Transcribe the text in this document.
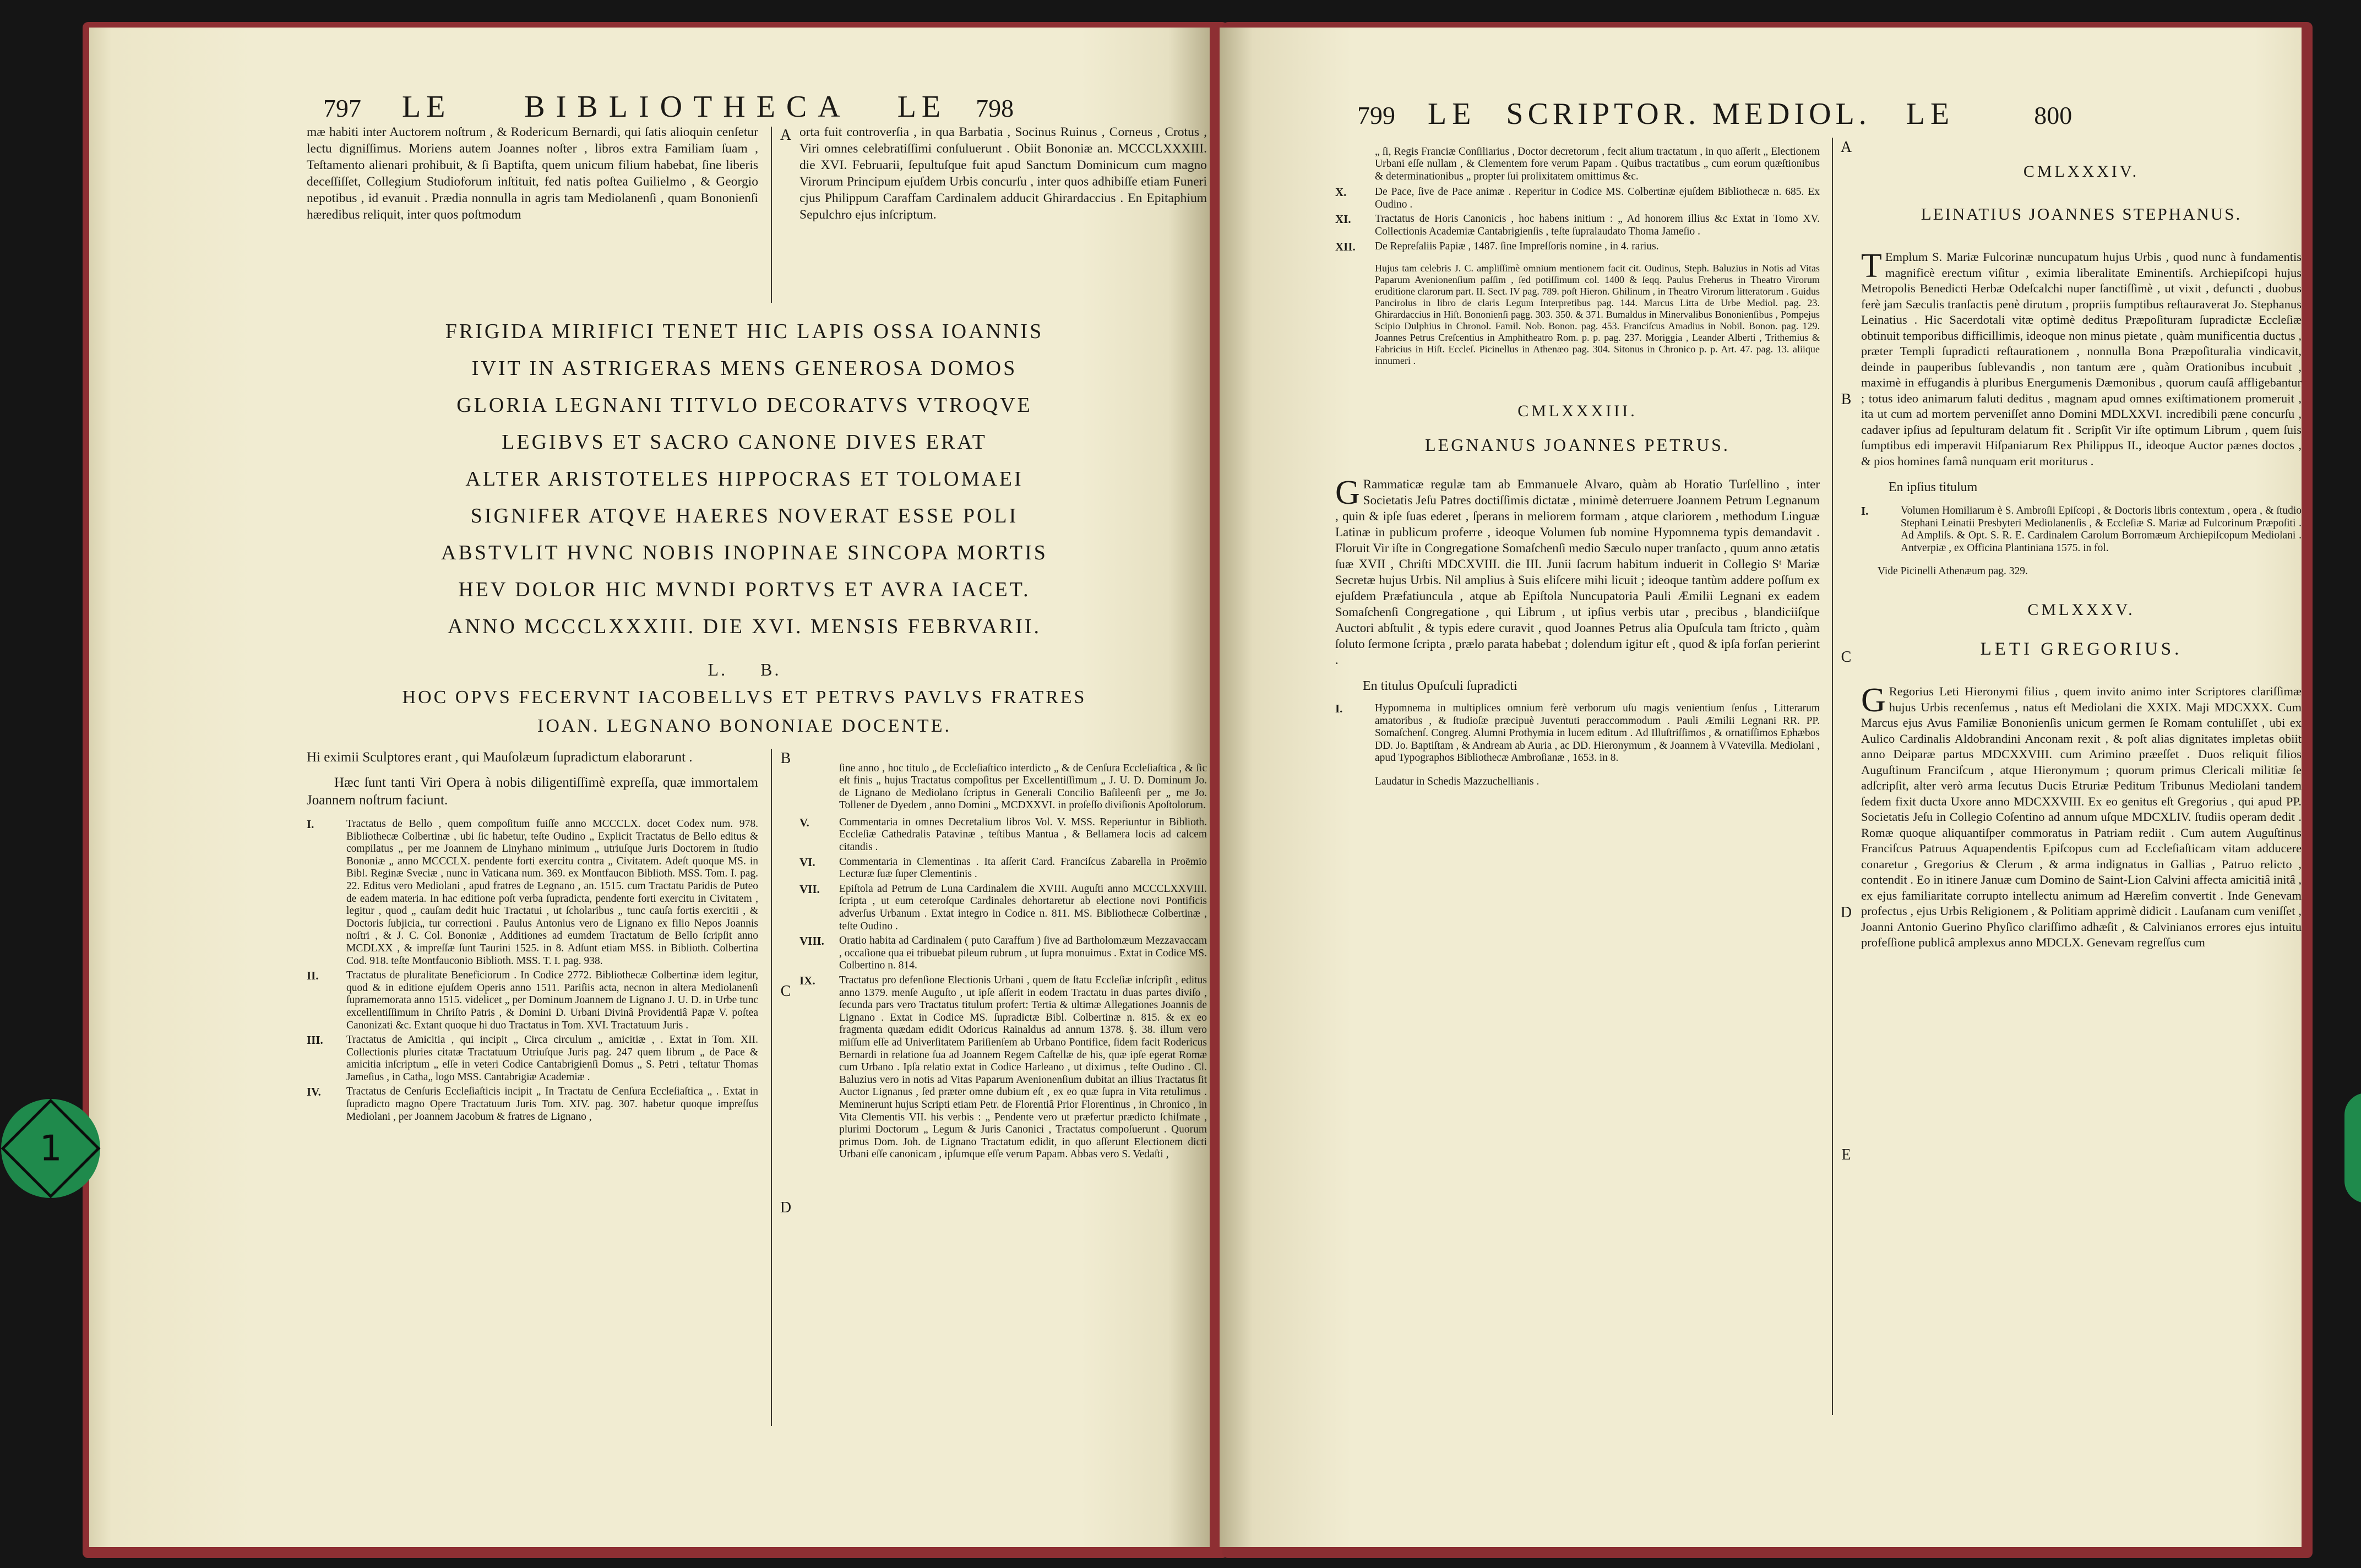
797 LE BIBLIOTHECA LE 798

mæ habiti inter Auctorem noſtrum , & Rodericum Bernardi, qui ſatis alioquin cenſetur lectu digniſſimus. Moriens autem Joannes noſter , libros extra Familiam ſuam , Teſtamento alienari prohibuit, & ſi Baptiſta, quem unicum filium habebat, ſine liberis deceſſiſſet, Collegium Studioforum inſtituit, fed natis poſtea Guilielmo , & Georgio nepotibus , id evanuit . Prædia nonnulla in agris tam Mediolanenſi , quam Bononienſi hæredibus reliquit, inter quos poſtmodum

A orta fuit controverſia , in qua Barbatia , Socinus Ruinus , Corneus , Crotus , Viri omnes celebratiſſimi conſuluerunt . Obiit Bononiæ an. MCCCLXXXIII. die XVI. Februarii, ſepultuſque fuit apud Sanctum Dominicum cum magno Virorum Principum ejuſdem Urbis concurſu , inter quos adhibiſſe etiam Funeri cjus Philippum Caraffam Cardinalem adducit Ghirardaccius . En Epitaphium Sepulchro ejus inſcriptum.

FRIGIDA MIRIFICI TENET HIC LAPIS OSSA IOANNIS
IVIT IN ASTRIGERAS MENS GENEROSA DOMOS
GLORIA LEGNANI TITVLO DECORATVS VTROQVE
LEGIBVS ET SACRO CANONE DIVES ERAT
ALTER ARISTOTELES HIPPOCRAS ET TOLOMAEI
SIGNIFER ATQVE HAERES NOVERAT ESSE POLI
ABSTVLIT HVNC NOBIS INOPINAE SINCOPA MORTIS
HEV DOLOR HIC MVNDI PORTVS ET AVRA IACET.
ANNO MCCCLXXXIII. DIE XVI. MENSIS FEBRVARII.
L.     B.
HOC OPVS FECERVNT IACOBELLVS ET PETRVS PAVLVS FRATRES
IOAN. LEGNANO BONONIAE DOCENTE.

Hi eximii Sculptores erant , qui Mauſolæum ſupradictum elaborarunt .

Hæc ſunt tanti Viri Opera à nobis diligentiſſimè expreſſa, quæ immortalem Joannem noſtrum faciunt.

I.	Tractatus de Bello , quem compoſitum fuiſſe anno MCCCLX. docet Codex num. 978. Bibliothecæ Colbertinæ , ubi ſic habetur, teſte Oudino „ Explicit Tractatus de Bello editus & compilatus „ per me Joannem de Linyhano minimum „ utriuſque Juris Doctorem in ſtudio Bononiæ „ anno MCCCLX. pendente forti exercitu contra „ Civitatem. Adeſt quoque MS. in Bibl. Reginæ Sveciæ , nunc in Vaticana num. 369. ex Montfaucon Biblioth. MSS. Tom. I. pag. 22. Editus vero Mediolani , apud fratres de Legnano , an. 1515. cum Tractatu Paridis de Puteo de eadem materia. In hac editione poſt verba ſupradicta, pendente forti exercitu in Civitatem , legitur , quod „ cauſam dedit huic Tractatui , ut ſcholaribus „ tunc cauſa fortis exercitii , & Doctoris ſubjicia„ tur correctioni . Paulus Antonius vero de Lignano ex filio Nepos Joannis noſtri , & J. C. Col. Bononiæ , Additiones ad eumdem Tractatum de Bello ſcripſit anno MCDLXX , & impreſſæ ſunt Taurini 1525. in 8. Adſunt etiam MSS. in Biblioth. Colbertina Cod. 918. teſte Montfauconio Biblioth. MSS. T. I. pag. 938.
II.	Tractatus de pluralitate Beneficiorum . In Codice 2772. Bibliothecæ Colbertinæ idem legitur, quod & in editione ejuſdem Operis anno 1511. Pariſiis acta, necnon in altera Mediolanenſi ſupramemorata anno 1515. videlicet „ per Dominum Joannem de Lignano J. U. D. in Urbe tunc excellentiſſimum in Chriſto Patris , & Domini D. Urbani Divinâ Providentiâ Papæ V. poſtea Canonizati &c. Extant quoque hi duo Tractatus in Tom. XVI. Tractatuum Juris .
III.	Tractatus de Amicitia , qui incipit „ Circa circulum „ amicitiæ , . Extat in Tom. XII. Collectionis pluries citatæ Tractatuum Utriuſque Juris pag. 247 quem librum „ de Pace & amicitia inſcriptum „ eſſe in veteri Codice Cantabrigienſi Domus „ S. Petri , teſtatur Thomas Jameſius , in Catha„ logo MSS. Cantabrigiæ Academiæ .
IV.	Tractatus de Cenſuris Eccleſiaſticis incipit „ In Tractatu de Cenſura Eccleſiaſtica „ . Extat in ſupradicto magno Opere Tractatuum Juris Tom. XIV. pag. 307. habetur quoque impreſſus Mediolani , per Joannem Jacobum & fratres de Lignano ,
B
C
D

ſine anno , hoc titulo „ de Eccleſiaſtico interdicto „ & de Cenſura Eccleſiaſtica , & ſic eſt finis „ hujus Tractatus compoſitus per Excellentiſſimum „ J. U. D. Dominum Jo. de Lignano de Mediolano ſcriptus in Generali Concilio Baſileenſi per „ me Jo. Tollener de Dyedem , anno Domini „ MCDXXVI. in proſeſſo diviſionis Apoſtolorum.

V.	Commentaria in omnes Decretalium libros Vol. V. MSS. Reperiuntur in Biblioth. Eccleſiæ Cathedralis Patavinæ , teſtibus Mantua , & Bellamera locis ad calcem citandis .
VI.	Commentaria in Clementinas . Ita aſſerit Card. Franciſcus Zabarella in Proëmio Lecturæ ſuæ ſuper Clementinis .
VII.	Epiſtola ad Petrum de Luna Cardinalem die XVIII. Auguſti anno MCCCLXXVIII. ſcripta , ut eum ceteroſque Cardinales dehortaretur ab electione novi Pontificis adverſus Urbanum . Extat integro in Codice n. 811. MS. Bibliothecæ Colbertinæ , teſte Oudino .
VIII.	Oratio habita ad Cardinalem ( puto Caraffum ) ſive ad Bartholomæum Mezzavaccam , occaſione qua ei tribuebat pileum rubrum , ut ſupra monuimus . Extat in Codice MS. Colbertino n. 814.
IX.	Tractatus pro defenſione Electionis Urbani , quem de ſtatu Eccleſiæ inſcripſit , editus anno 1379. menſe Auguſto , ut ipſe aſſerit in eodem Tractatu in duas partes diviſo , ſecunda pars vero Tractatus titulum profert: Tertia & ultimæ Allegationes Joannis de Lignano . Extat in Codice MS. ſupradictæ Bibl. Colbertinæ n. 815. & ex eo fragmenta quædam edidit Odoricus Rainaldus ad annum 1378. §. 38. illum vero miſſum eſſe ad Univerſitatem Pariſienſem ab Urbano Pontifice, ſidem facit Rodericus Bernardi in relatione ſua ad Joannem Regem Caſtellæ de his, quæ ipſe egerat Romæ cum Urbano . Ipſa relatio extat in Codice Harleano , ut diximus , teſte Oudino . Cl. Baluzius vero in notis ad Vitas Paparum Avenionenſium dubitat an illius Tractatus ſit Auctor Lignanus , ſed præter omne dubium eſt , ex eo quæ ſupra in Vita retulimus . Meminerunt hujus Scripti etiam Petr. de Florentiâ Prior Florentinus , in Chronico , in Vita Clementis VII. his verbis : „ Pendente vero ut præfertur prædicto ſchiſmate , plurimi Doctorum „ Legum & Juris Canonici , Tractatus compoſuerunt . Quorum primus Dom. Joh. de Lignano Tractatum edidit, in quo aſſerunt Electionem dicti Urbani eſſe canonicam , ipſumque eſſe verum Papam. Abbas vero S. Vedaſti ,
799 LE SCRIPTOR. MEDIOL. LE	800

„ ſi, Regis Franciæ Conſiliarius , Doctor decretorum , fecit alium tractatum , in quo aſſerit „ Electionem Urbani eſſe nullam , & Clementem fore verum Papam . Quibus tractatibus „ cum eorum quæſtionibus & determinationibus „ propter ſui prolixitatem omittimus &c.

X.	De Pace, ſive de Pace animæ . Reperitur in Codice MS. Colbertinæ ejuſdem Bibliothecæ n. 685. Ex Oudino .
XI.	Tractatus de Horis Canonicis , hoc habens initium : „ Ad honorem illius &c Extat in Tomo XV. Collectionis Academiæ Cantabrigienſis , teſte ſupralaudato Thoma Jameſio .
XII.	De Repreſaliis Papiæ , 1487. ſine Impreſſoris nomine , in 4. rarius.

Hujus tam celebris J. C. ampliſſimè omnium mentionem facit cit. Oudinus, Steph. Baluzius in Notis ad Vitas Paparum Avenionenſium paſſim , ſed potiſſimum col. 1400 & ſeqq. Paulus Freherus in Theatro Virorum eruditione clarorum part. II. Sect. IV pag. 789. poſt Hieron. Ghilinum , in Theatro Virorum litteratorum . Guidus Pancirolus in libro de claris Legum Interpretibus pag. 144. Marcus Litta de Urbe Mediol. pag. 23. Ghirardaccius in Hiſt. Bononienſi pagg. 303. 350. & 371. Bumaldus in Minervalibus Bononienſibus , Pompejus Scipio Dulphius in Chronol. Famil. Nob. Bonon. pag. 453. Franciſcus Amadius in Nobil. Bonon. pag. 129. Joannes Petrus Creſcentius in Amphitheatro Rom. p. p. pag. 237. Moriggia , Leander Alberti , Trithemius & Fabricius in Hiſt. Eccleſ. Picinellus in Athenæo pag. 304. Sitonus in Chronico p. p. Art. 47. pag. 13. aliique innumeri .

CMLXXXIII.
LEGNANUS JOANNES PETRUS.
G Rammaticæ regulæ tam ab Emmanuele Alvaro, quàm ab Horatio Turſellino , inter Societatis Jeſu Patres doctiſſimis dictatæ , minimè deterruere Joannem Petrum Legnanum , quin & ipſe ſuas ederet , ſperans in meliorem formam , atque clariorem , methodum Linguæ Latinæ in publicum proferre , ideoque Volumen ſub nomine Hypomnema typis demandavit . Floruit Vir iſte in Congregatione Somaſchenſi medio Sæculo nuper tranſacto , quum anno ætatis ſuæ XVII , Chriſti MDCXVIII. die III. Junii ſacrum habitum induerit in Collegio Sᵗ Mariæ Secretæ hujus Urbis. Nil amplius à Suis eliſcere mihi licuit ; ideoque tantùm addere poſſum ex ejuſdem Præfatiuncula , atque ab Epiſtola Nuncupatoria Pauli Æmilii Legnani ex eadem Somaſchenſi Congregatione , qui Librum , ut ipſius verbis utar , precibus , blandiciiſque Auctori abſtulit , & typis edere curavit , quod Joannes Petrus alia Opuſcula tam ſtricto , quàm ſoluto ſermone ſcripta , prælo parata habebat ; dolendum igitur eſt , quod & ipſa forſan perierint .
En titulus Opuſculi ſupradicti
I.	Hypomnema in multiplices omnium ferè verborum uſu magis venientium ſenſus , Litterarum amatoribus , & ſtudioſæ præcipuè Juventuti peraccommodum . Pauli Æmilii Legnani RR. PP. Somaſchenſ. Congreg. Alumni Prothymia in lucem editum . Ad Illuſtriſſimos , & ornatiſſimos Ephæbos DD. Jo. Baptiſtam , & Andream ab Auria , ac DD. Hieronymum , & Joannem à VVatevilla. Mediolani , apud Typographos Bibliothecæ Ambroſianæ , 1653. in 8.

Laudatur in Schedis Mazzuchellianis .

A
B
C
D
E
CMLXXXIV.
LEINATIUS JOANNES STEPHANUS.
T Emplum S. Mariæ Fulcorinæ nuncupatum hujus Urbis , quod nunc à fundamentis magnificè erectum viſitur , eximia liberalitate Eminentiſs. Archiepiſcopi hujus Metropolis Benedicti Herbæ Odeſcalchi nuper ſanctiſſimè , ut vixit , defuncti , duobus ferè jam Sæculis tranſactis penè dirutum , propriis ſumptibus reſtauraverat Jo. Stephanus Leinatius . Hic Sacerdotali vitæ optimè deditus Præpoſituram ſupradictæ Eccleſiæ obtinuit temporibus difficillimis, ideoque non minus pietate , quàm munificentia ductus , præter Templi ſupradicti reſtaurationem , nonnulla Bona Præpoſituralia vindicavit, deinde in pauperibus ſublevandis , non tantum ære , quàm Orationibus incubuit , maximè in effugandis à pluribus Energumenis Dæmonibus , quorum cauſâ affligebantur ; totus ideo animarum faluti deditus , magnam apud omnes exiſtimationem promeruit , ita ut cum ad mortem perveniſſet anno Domini MDLXXVI. incredibili pæne concurſu , cadaver ipſius ad ſepulturam delatum fit . Scripſit Vir iſte optimum Librum , quem ſuis ſumptibus edi imperavit Hiſpaniarum Rex Philippus II., ideoque Auctor pænes doctos , & pios homines famâ nunquam erit moriturus .
En ipſius titulum
I.	Volumen Homiliarum è S. Ambroſii Epiſcopi , & Doctoris libris contextum , opera , & ſtudio Stephani Leinatii Presbyteri Mediolanenſis , & Eccleſiæ S. Mariæ ad Fulcorinum Præpoſiti . Ad Ampliſs. & Opt. S. R. E. Cardinalem Carolum Borromæum Archiepiſcopum Mediolani . Antverpiæ , ex Officina Plantiniana 1575. in fol.

Vide Picinelli Athenæum pag. 329.

CMLXXXV.
LETI GREGORIUS.
G Regorius Leti Hieronymi filius , quem invito animo inter Scriptores clariſſimæ hujus Urbis recenſemus , natus eſt Mediolani die XXIX. Maji MDCXXX. Cum Marcus ejus Avus Familiæ Bononienſis unicum germen ſe Romam contuliſſet , ubi ex Aulico Cardinalis Aldobrandini Anconam rexit , & poſt alias dignitates impletas obiit anno Deiparæ partus MDCXXVIII. cum Arimino præeſſet . Duos reliquit filios Auguſtinum Franciſcum , atque Hieronymum ; quorum primus Clericali militiæ ſe adſcripſit, alter verò arma ſecutus Ducis Etruriæ Peditum Tribunus Mediolani tandem ſedem fixit ducta Uxore anno MDCXXVIII. Ex eo genitus eſt Gregorius , qui apud PP. Societatis Jeſu in Collegio Coſentino ad annum uſque MDCXLIV. ſtudiis operam dedit . Romæ quoque aliquantiſper commoratus in Patriam rediit . Cum autem Auguſtinus Franciſcus Patruus Aquapendentis Epiſcopus cum ad Eccleſiaſticam vitam adducere conaretur , Gregorius & Clerum , & arma indignatus in Gallias , Patruo relicto , contendit . Eo in itinere Januæ cum Domino de Saint-Lion Calvini affecta amicitiâ initâ , ex ejus familiaritate corrupto intellectu animum ad Hæreſim convertit . Inde Genevam profectus , ejus Urbis Religionem , & Politiam apprimè didicit . Lauſanam cum veniſſet , Joanni Antonio Guerino Phyſico clariſſimo adhæſit , & Calvinianos errores ejus intuitu profeſſione publicâ amplexus anno MDCLX. Genevam regreſſus cum
1
